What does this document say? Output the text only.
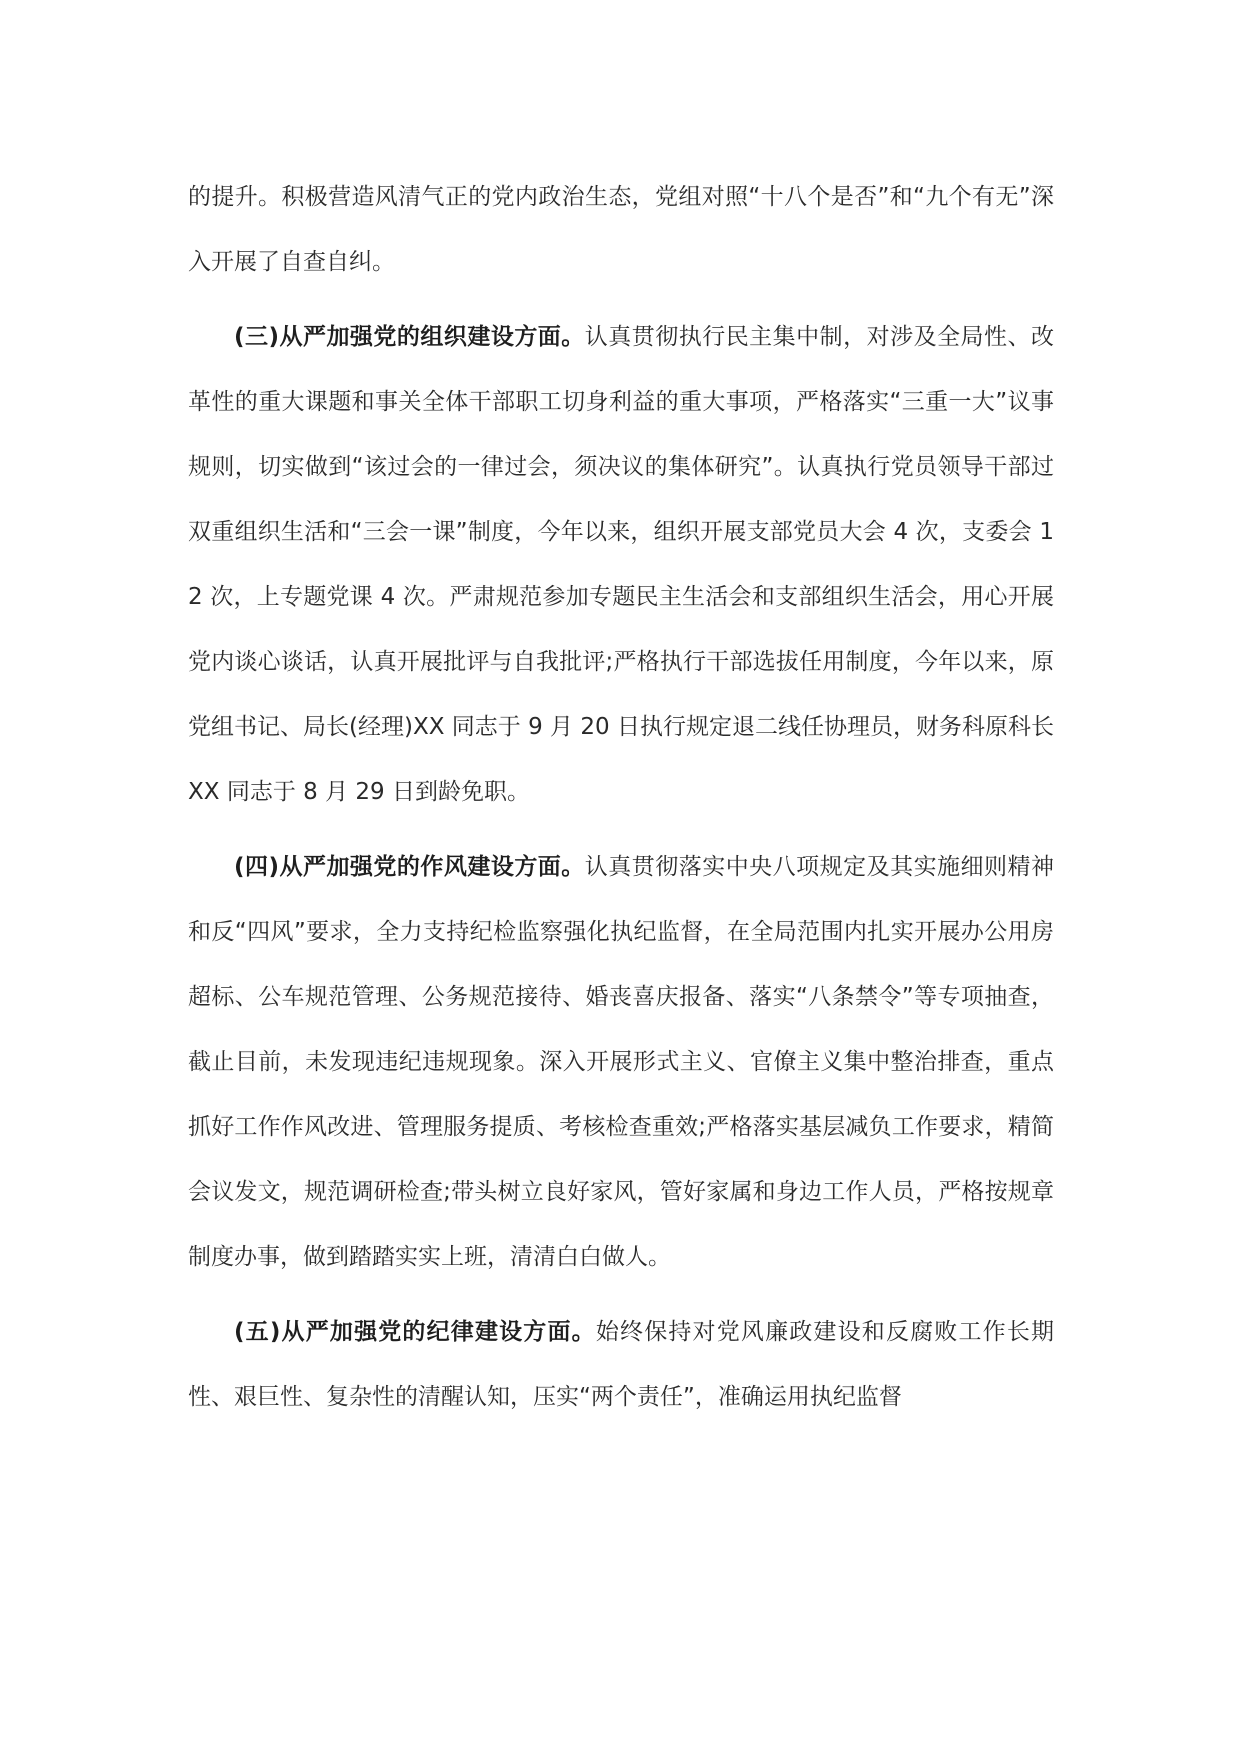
的提升。积极营造风清气正的党内政治生态，党组对照“十八个是否”和“九个有无”深入开展了自查自纠。

(三)从严加强党的组织建设方面。认真贯彻执行民主集中制，对涉及全局性、改革性的重大课题和事关全体干部职工切身利益的重大事项，严格落实“三重一大”议事规则，切实做到“该过会的一律过会，须决议的集体研究”。认真执行党员领导干部过双重组织生活和“三会一课”制度，今年以来，组织开展支部党员大会 4 次，支委会 12 次，上专题党课 4 次。严肃规范参加专题民主生活会和支部组织生活会，用心开展党内谈心谈话，认真开展批评与自我批评;严格执行干部选拔任用制度，今年以来，原党组书记、局长(经理)XX 同志于 9 月 20 日执行规定退二线任协理员，财务科原科长 XX 同志于 8 月 29 日到龄免职。

(四)从严加强党的作风建设方面。认真贯彻落实中央八项规定及其实施细则精神和反“四风”要求，全力支持纪检监察强化执纪监督，在全局范围内扎实开展办公用房超标、公车规范管理、公务规范接待、婚丧喜庆报备、落实“八条禁令”等专项抽查，截止目前，未发现违纪违规现象。深入开展形式主义、官僚主义集中整治排查，重点抓好工作作风改进、管理服务提质、考核检查重效;严格落实基层减负工作要求，精简会议发文，规范调研检查;带头树立良好家风，管好家属和身边工作人员，严格按规章制度办事，做到踏踏实实上班，清清白白做人。

(五)从严加强党的纪律建设方面。始终保持对党风廉政建设和反腐败工作长期性、艰巨性、复杂性的清醒认知，压实“两个责任”，准确运用执纪监督
